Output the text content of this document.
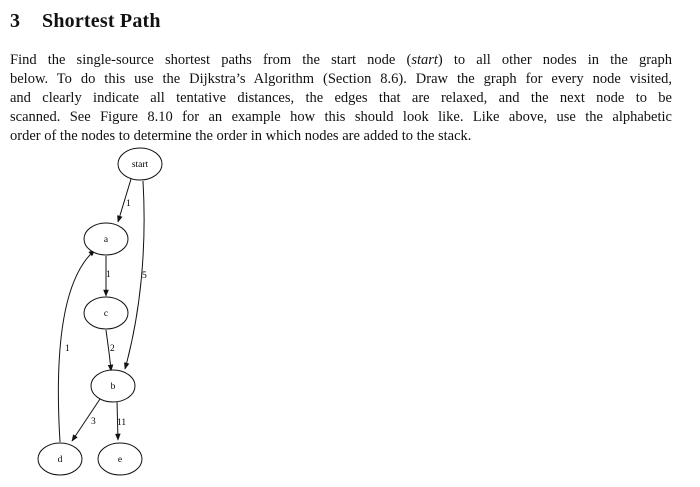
3 Shortest Path
Find the single-source shortest paths from the start node (start) to all other nodes in the graph
below. To do this use the Dijkstra’s Algorithm (Section 8.6). Draw the graph for every node visited,
and clearly indicate all tentative distances, the edges that are relaxed, and the next node to be
scanned. See Figure 8.10 for an example how this should look like. Like above, use the alphabetic
order of the nodes to determine the order in which nodes are added to the stack.
1
5
1
2
3 11
1
start
a
c
b
d	e
